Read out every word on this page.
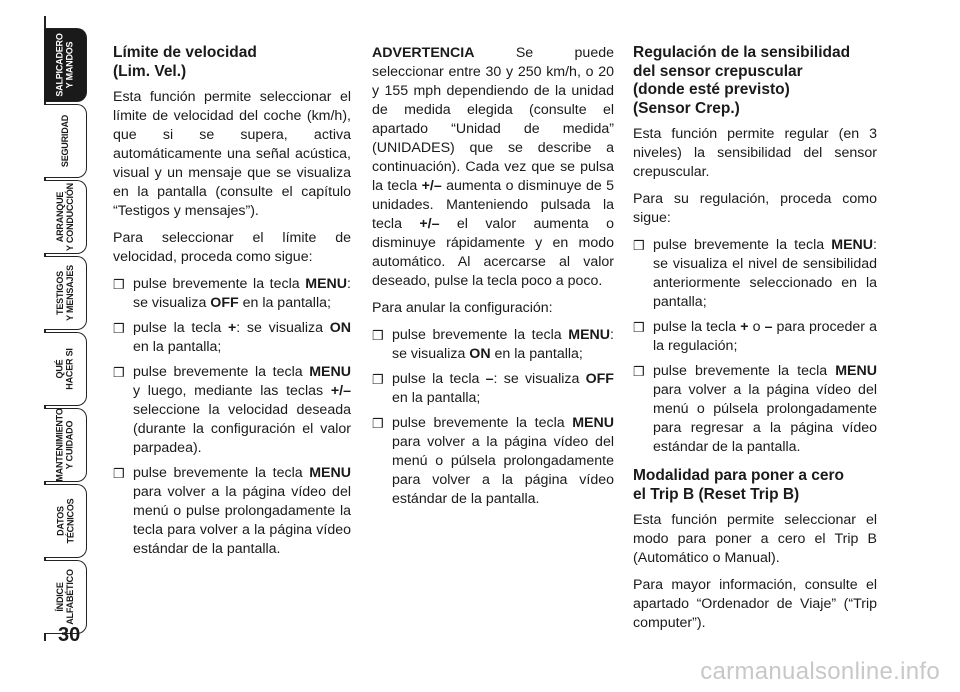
SALPICADERO
Y MANDOS
SEGURIDAD
ARRANQUE
Y CONDUCCIÓN
TESTIGOS
Y MENSAJES
QUÉ
HACER SI
MANTENIMIENTO
Y CUIDADO
DATOS
TÉCNICOS
ÍNDICE
ALFABÉTICO
30
Límite de velocidad
(Lim. Vel.)

Esta función permite seleccionar el límite de velocidad del coche (km/h), que si se supera, activa automáticamente una señal acústica, visual y un mensaje que se visualiza en la pantalla (consulte el capítulo “Testigos y mensajes”).

Para seleccionar el límite de velocidad, proceda como sigue:

❒ pulse brevemente la tecla MENU: se visualiza OFF en la pantalla;
❒ pulse la tecla +: se visualiza ON en la pantalla;
❒ pulse brevemente la tecla MENU y luego, mediante las teclas +/– seleccione la velocidad deseada (durante la configuración el valor parpadea).
❒ pulse brevemente la tecla MENU para volver a la página vídeo del menú o pulse prolongadamente la tecla para volver a la página vídeo estándar de la pantalla.

ADVERTENCIA Se puede seleccionar entre 30 y 250 km/h, o 20 y 155 mph dependiendo de la unidad de medida elegida (consulte el apartado “Unidad de medida” (UNIDADES) que se describe a continuación). Cada vez que se pulsa la tecla +/– aumenta o disminuye de 5 unidades. Manteniendo pulsada la tecla +/– el valor aumenta o disminuye rápidamente y en modo automático. Al acercarse al valor deseado, pulse la tecla poco a poco.

Para anular la configuración:

❒ pulse brevemente la tecla MENU: se visualiza ON en la pantalla;
❒ pulse la tecla –: se visualiza OFF en la pantalla;
❒ pulse brevemente la tecla MENU para volver a la página vídeo del menú o púlsela prolongadamente para volver a la página vídeo estándar de la pantalla.
Regulación de la sensibilidad
del sensor crepuscular
(donde esté previsto)
(Sensor Crep.)

Esta función permite regular (en 3 niveles) la sensibilidad del sensor crepuscular.

Para su regulación, proceda como sigue:

❒ pulse brevemente la tecla MENU: se visualiza el nivel de sensibilidad anteriormente seleccionado en la pantalla;
❒ pulse la tecla + o – para proceder a la regulación;
❒ pulse brevemente la tecla MENU para volver a la página vídeo del menú o púlsela prolongadamente para regresar a la página vídeo estándar de la pantalla.
Modalidad para poner a cero
el Trip B (Reset Trip B)

Esta función permite seleccionar el modo para poner a cero el Trip B (Automático o Manual).

Para mayor información, consulte el apartado “Ordenador de Viaje” (“Trip computer”).

carmanualsonline.info
